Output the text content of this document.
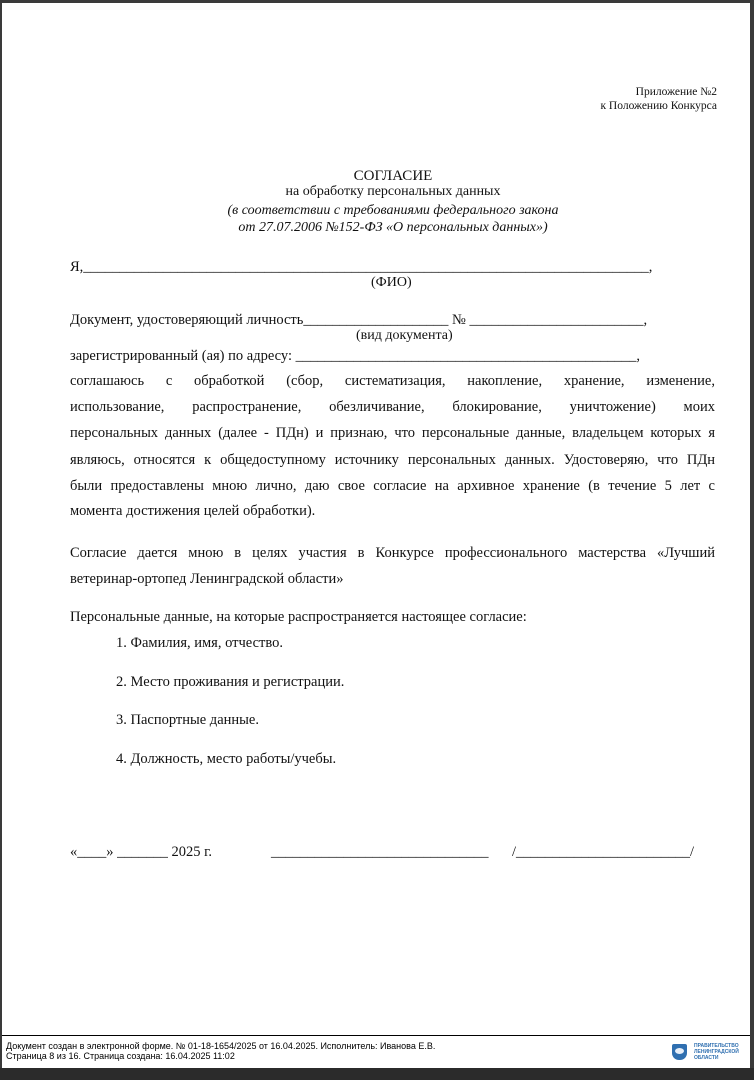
Приложение №2
к Положению Конкурса
СОГЛАСИЕ
на обработку персональных данных
(в соответствии с требованиями федерального закона
от 27.07.2006 №152-ФЗ «О персональных данных»)
Я,______________________________________________________________________________,
(ФИО)
Документ, удостоверяющий личность____________________ № ________________________,
(вид документа)
зарегистрированный (ая) по адресу: _______________________________________________,
соглашаюсь с обработкой (сбор, систематизация, накопление, хранение, изменение,
использование, распространение, обезличивание, блокирование, уничтожение) моих
персональных данных (далее - ПДн) и признаю, что персональные данные, владельцем которых я
являюсь, относятся к общедоступному источнику персональных данных. Удостоверяю, что ПДн
были предоставлены мною лично, даю свое согласие на архивное хранение (в течение 5 лет с
момента достижения целей обработки).
Согласие дается мною в целях участия в Конкурсе профессионального мастерства «Лучший
ветеринар-ортопед Ленинградской области»
Персональные данные, на которые распространяется настоящее согласие:
1. Фамилия, имя, отчество.
2. Место проживания и регистрации.
3. Паспортные данные.
4. Должность, место работы/учебы.
«____» _______ 2025 г.	______________________________ /________________________/
Документ создан в электронной форме. № 01-18-1654/2025 от 16.04.2025. Исполнитель: Иванова Е.В.
Страница 8 из 16. Страница создана: 16.04.2025 11:02
ПРАВИТЕЛЬСТВО
ЛЕНИНГРАДСКОЙ
ОБЛАСТИ
